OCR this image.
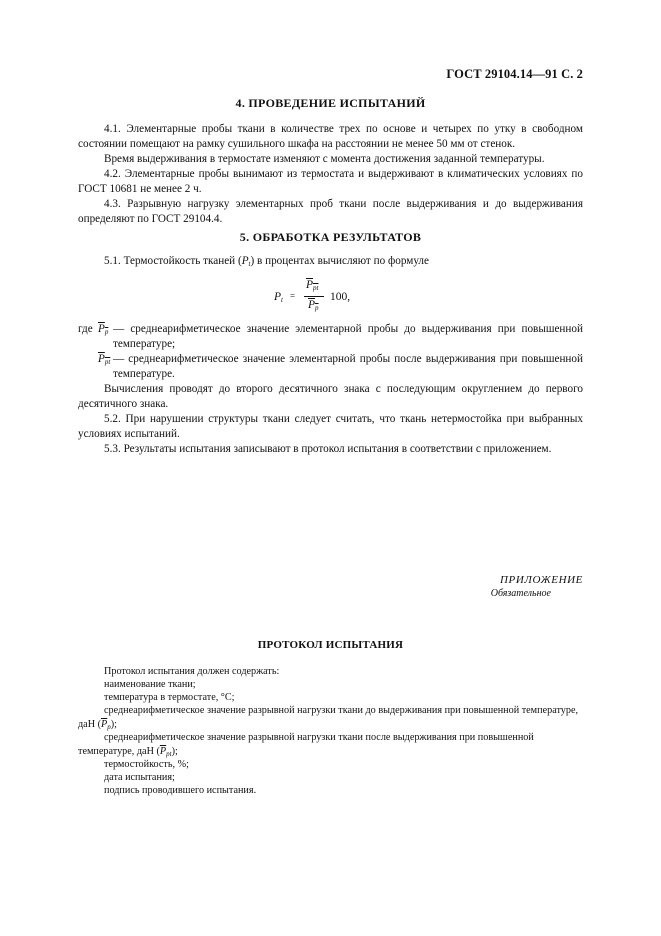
ГОСТ 29104.14—91 С. 2
4. ПРОВЕДЕНИЕ ИСПЫТАНИЙ
4.1. Элементарные пробы ткани в количестве трех по основе и четырех по утку в свободном состоянии помещают на рамку сушильного шкафа на расстоянии не менее 50 мм от стенок.
Время выдерживания в термостате изменяют с момента достижения заданной температуры.
4.2. Элементарные пробы вынимают из термостата и выдерживают в климатических условиях по ГОСТ 10681 не менее 2 ч.
4.3. Разрывную нагрузку элементарных проб ткани после выдерживания и до выдерживания определяют по ГОСТ 29104.4.
5. ОБРАБОТКА РЕЗУЛЬТАТОВ
5.1. Термостойкость тканей $(P_t)$ в процентах вычисляют по формуле
$P_t$ =
$P_{pt}$
$P_p$
100,
где $P_p$ — среднеарифметическое значение элементарной пробы до выдерживания при повышенной температуре;
$P_{pt}$ — среднеарифметическое значение элементарной пробы после выдерживания при повышенной температуре.
Вычисления проводят до второго десятичного знака с последующим округлением до первого десятичного знака.
5.2. При нарушении структуры ткани следует считать, что ткань нетермостойка при выбранных условиях испытаний.
5.3. Результаты испытания записывают в протокол испытания в соответствии с приложением.
ПРИЛОЖЕНИЕ
Обязательное
ПРОТОКОЛ ИСПЫТАНИЯ
Протокол испытания должен содержать:
наименование ткани;
температура в термостате, °С;
среднеарифметическое значение разрывной нагрузки ткани до выдерживания при повышенной температуре, даН $(\overline{P}_p)$;
среднеарифметическое значение разрывной нагрузки ткани после выдерживания при повышенной температуре, даН $(\overline{P}_{pt})$;
термостойкость, %;
дата испытания;
подпись проводившего испытания.
